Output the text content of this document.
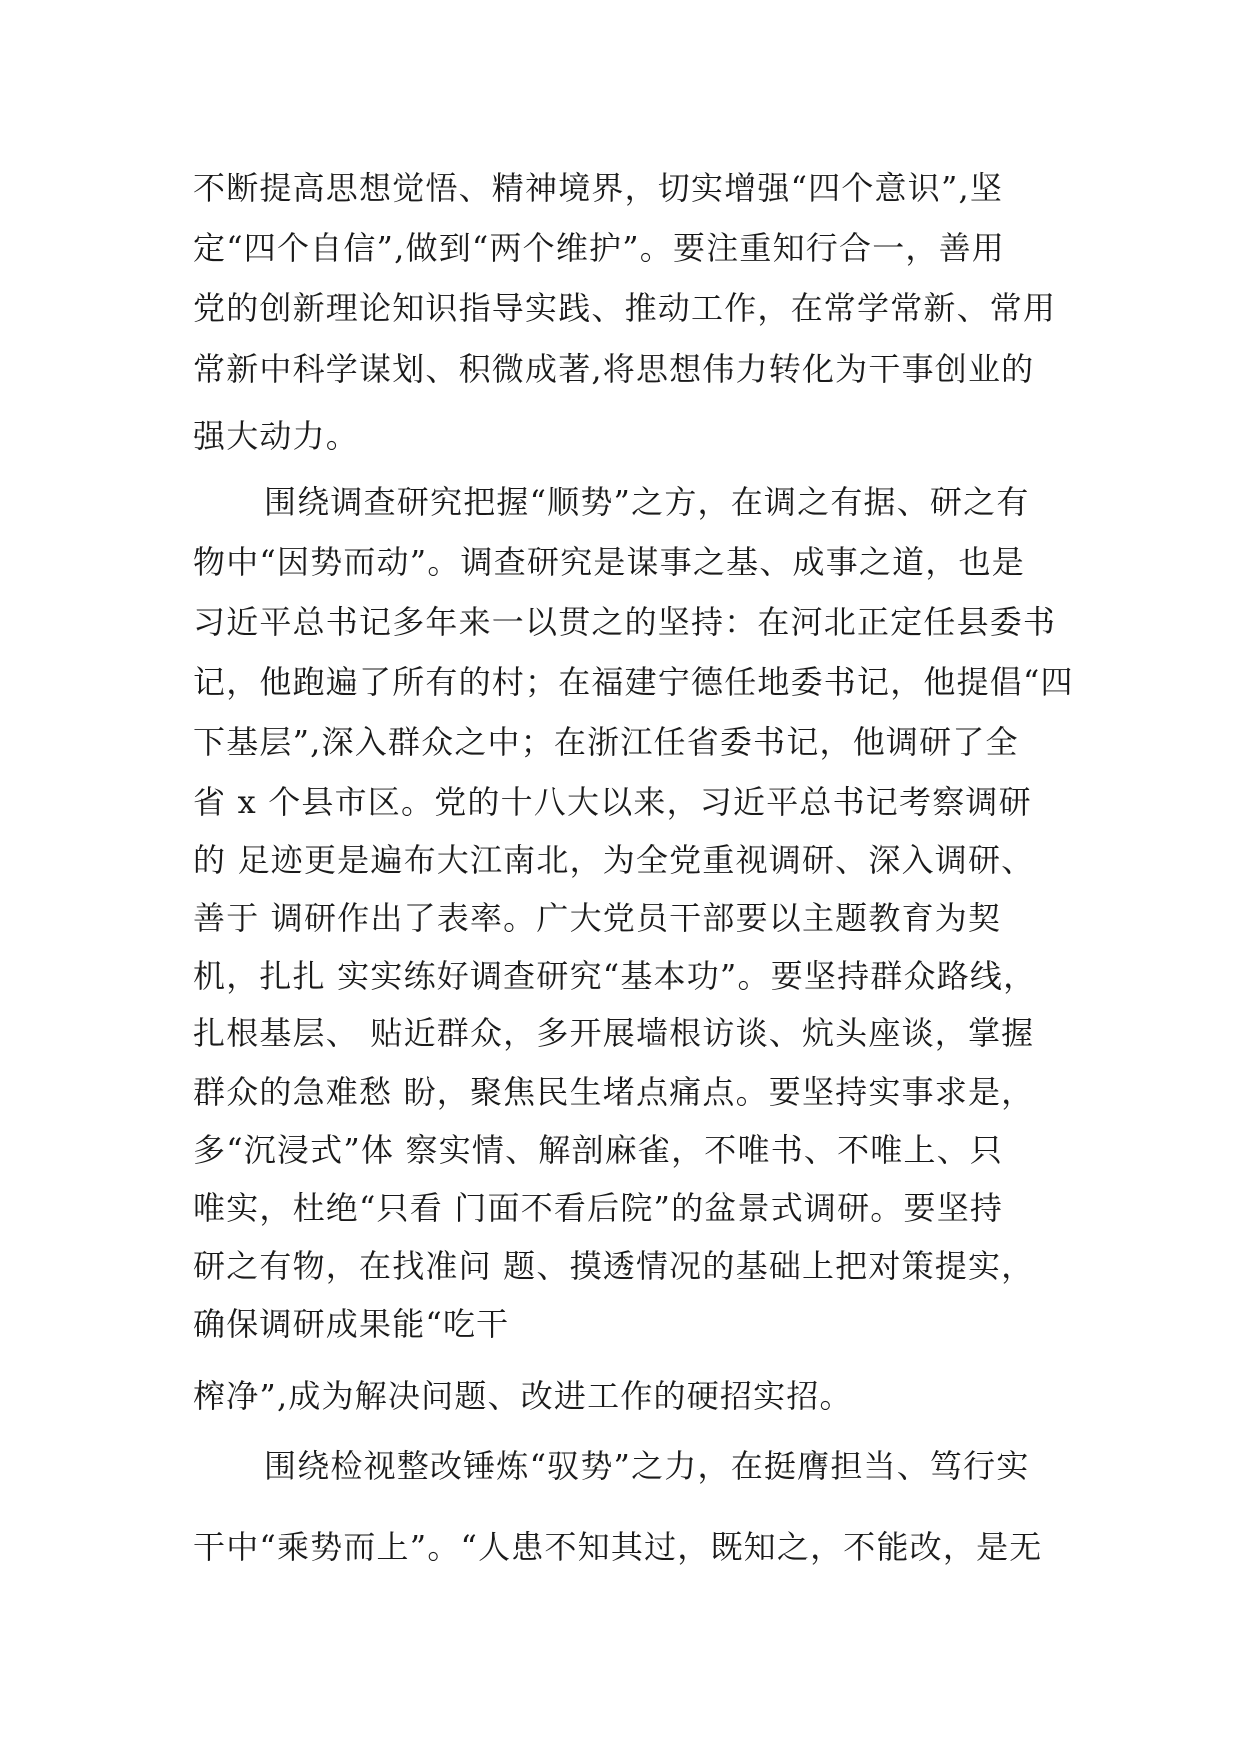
不断提高思想觉悟、精神境界，切实增强“四个意识”,坚
定“四个自信”,做到“两个维护”。要注重知行合一，善用
党的创新理论知识指导实践、推动工作，在常学常新、常用
常新中科学谋划、积微成著,将思想伟力转化为干事创业的
强大动力。
围绕调查研究把握“顺势”之方，在调之有据、研之有
物中“因势而动”。调查研究是谋事之基、成事之道，也是
习近平总书记多年来一以贯之的坚持：在河北正定任县委书
记，他跑遍了所有的村；在福建宁德任地委书记，他提倡“四
下基层”,深入群众之中；在浙江任省委书记，他调研了全
省 x 个县市区。党的十八大以来，习近平总书记考察调研
的 足迹更是遍布大江南北，为全党重视调研、深入调研、
善于 调研作出了表率。广大党员干部要以主题教育为契
机，扎扎 实实练好调查研究“基本功”。要坚持群众路线，
扎根基层、 贴近群众，多开展墙根访谈、炕头座谈，掌握
群众的急难愁 盼，聚焦民生堵点痛点。要坚持实事求是，
多“沉浸式”体 察实情、解剖麻雀，不唯书、不唯上、只
唯实，杜绝“只看 门面不看后院”的盆景式调研。要坚持
研之有物，在找准问 题、摸透情况的基础上把对策提实，
确保调研成果能“吃干
榨净”,成为解决问题、改进工作的硬招实招。
围绕检视整改锤炼“驭势”之力，在挺膺担当、笃行实
干中“乘势而上”。“人患不知其过，既知之，不能改，是无
